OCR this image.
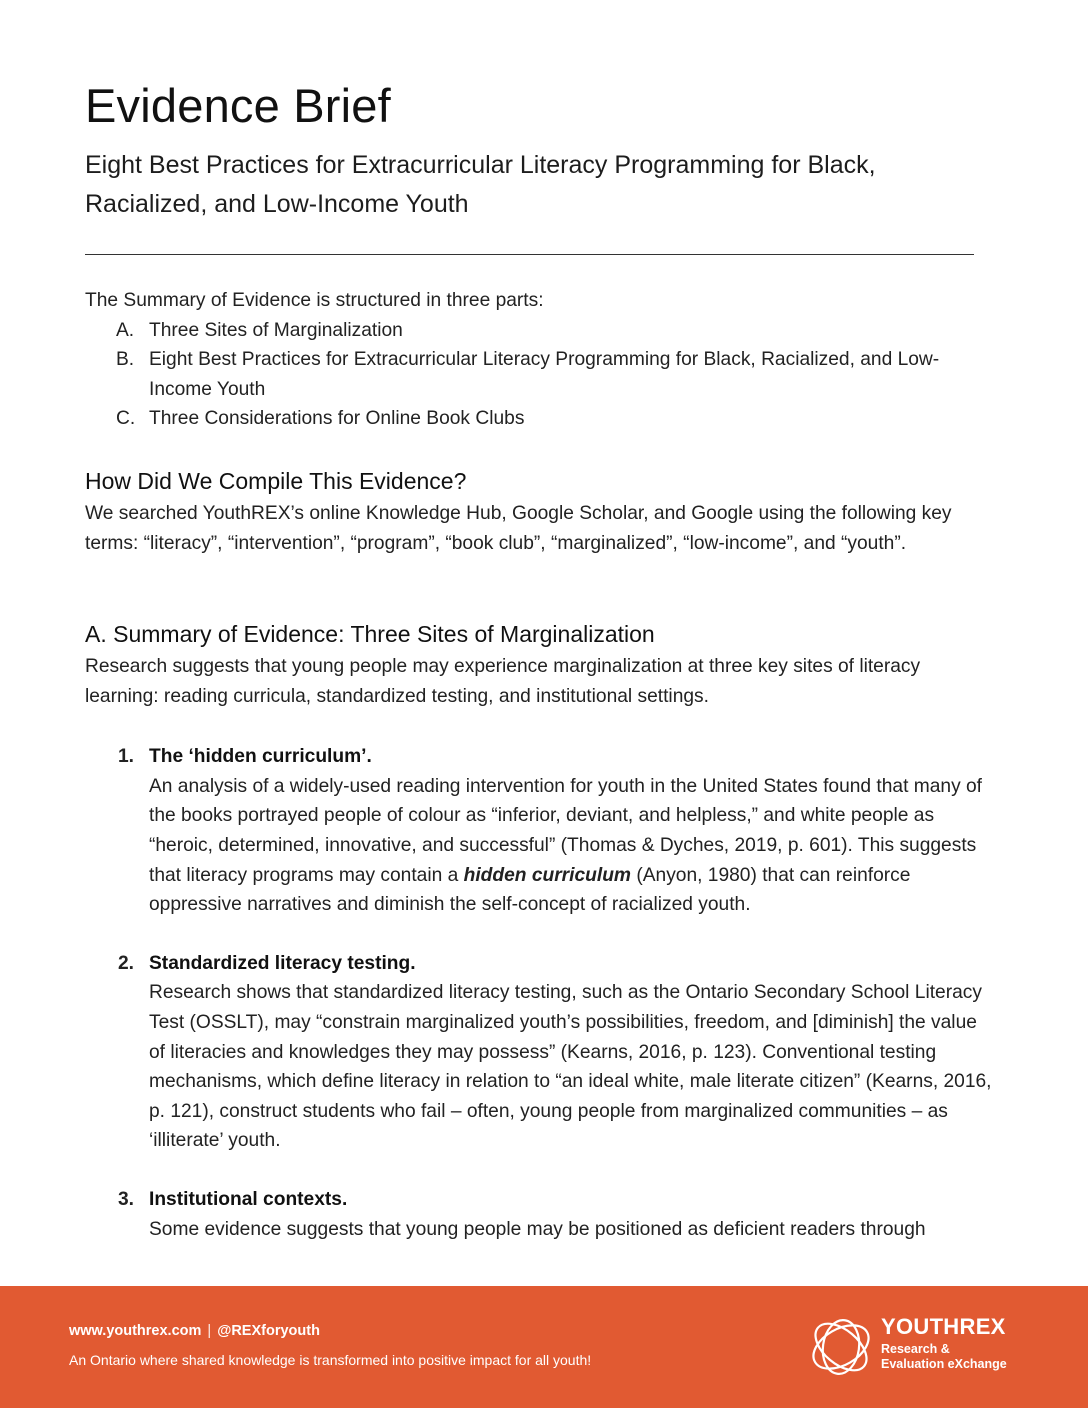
Evidence Brief

Eight Best Practices for Extracurricular Literacy Programming for Black, Racialized, and Low-Income Youth

The Summary of Evidence is structured in three parts:

A. Three Sites of Marginalization
B. Eight Best Practices for Extracurricular Literacy Programming for Black, Racialized, and Low-Income Youth
C. Three Considerations for Online Book Clubs
How Did We Compile This Evidence?

We searched YouthREX’s online Knowledge Hub, Google Scholar, and Google using the following key terms: “literacy”, “intervention”, “program”, “book club”, “marginalized”, “low-income”, and “youth”.

A. Summary of Evidence: Three Sites of Marginalization

Research suggests that young people may experience marginalization at three key sites of literacy learning: reading curricula, standardized testing, and institutional settings.

1. The ‘hidden curriculum’.
An analysis of a widely-used reading intervention for youth in the United States found that many of the books portrayed people of colour as “inferior, deviant, and helpless,” and white people as “heroic, determined, innovative, and successful” (Thomas & Dyches, 2019, p. 601). This suggests that literacy programs may contain a hidden curriculum (Anyon, 1980) that can reinforce oppressive narratives and diminish the self-concept of racialized youth.
2. Standardized literacy testing.
Research shows that standardized literacy testing, such as the Ontario Secondary School Literacy Test (OSSLT), may “constrain marginalized youth’s possibilities, freedom, and [diminish] the value of literacies and knowledges they may possess” (Kearns, 2016, p. 123). Conventional testing mechanisms, which define literacy in relation to “an ideal white, male literate citizen” (Kearns, 2016, p. 121), construct students who fail – often, young people from marginalized communities – as ‘illiterate’ youth.
3. Institutional contexts.
Some evidence suggests that young people may be positioned as deficient readers through
www.youthrex.com | @REXforyouth
An Ontario where shared knowledge is transformed into positive impact for all youth!
YOUTHREX
Research &
Evaluation eXchange
